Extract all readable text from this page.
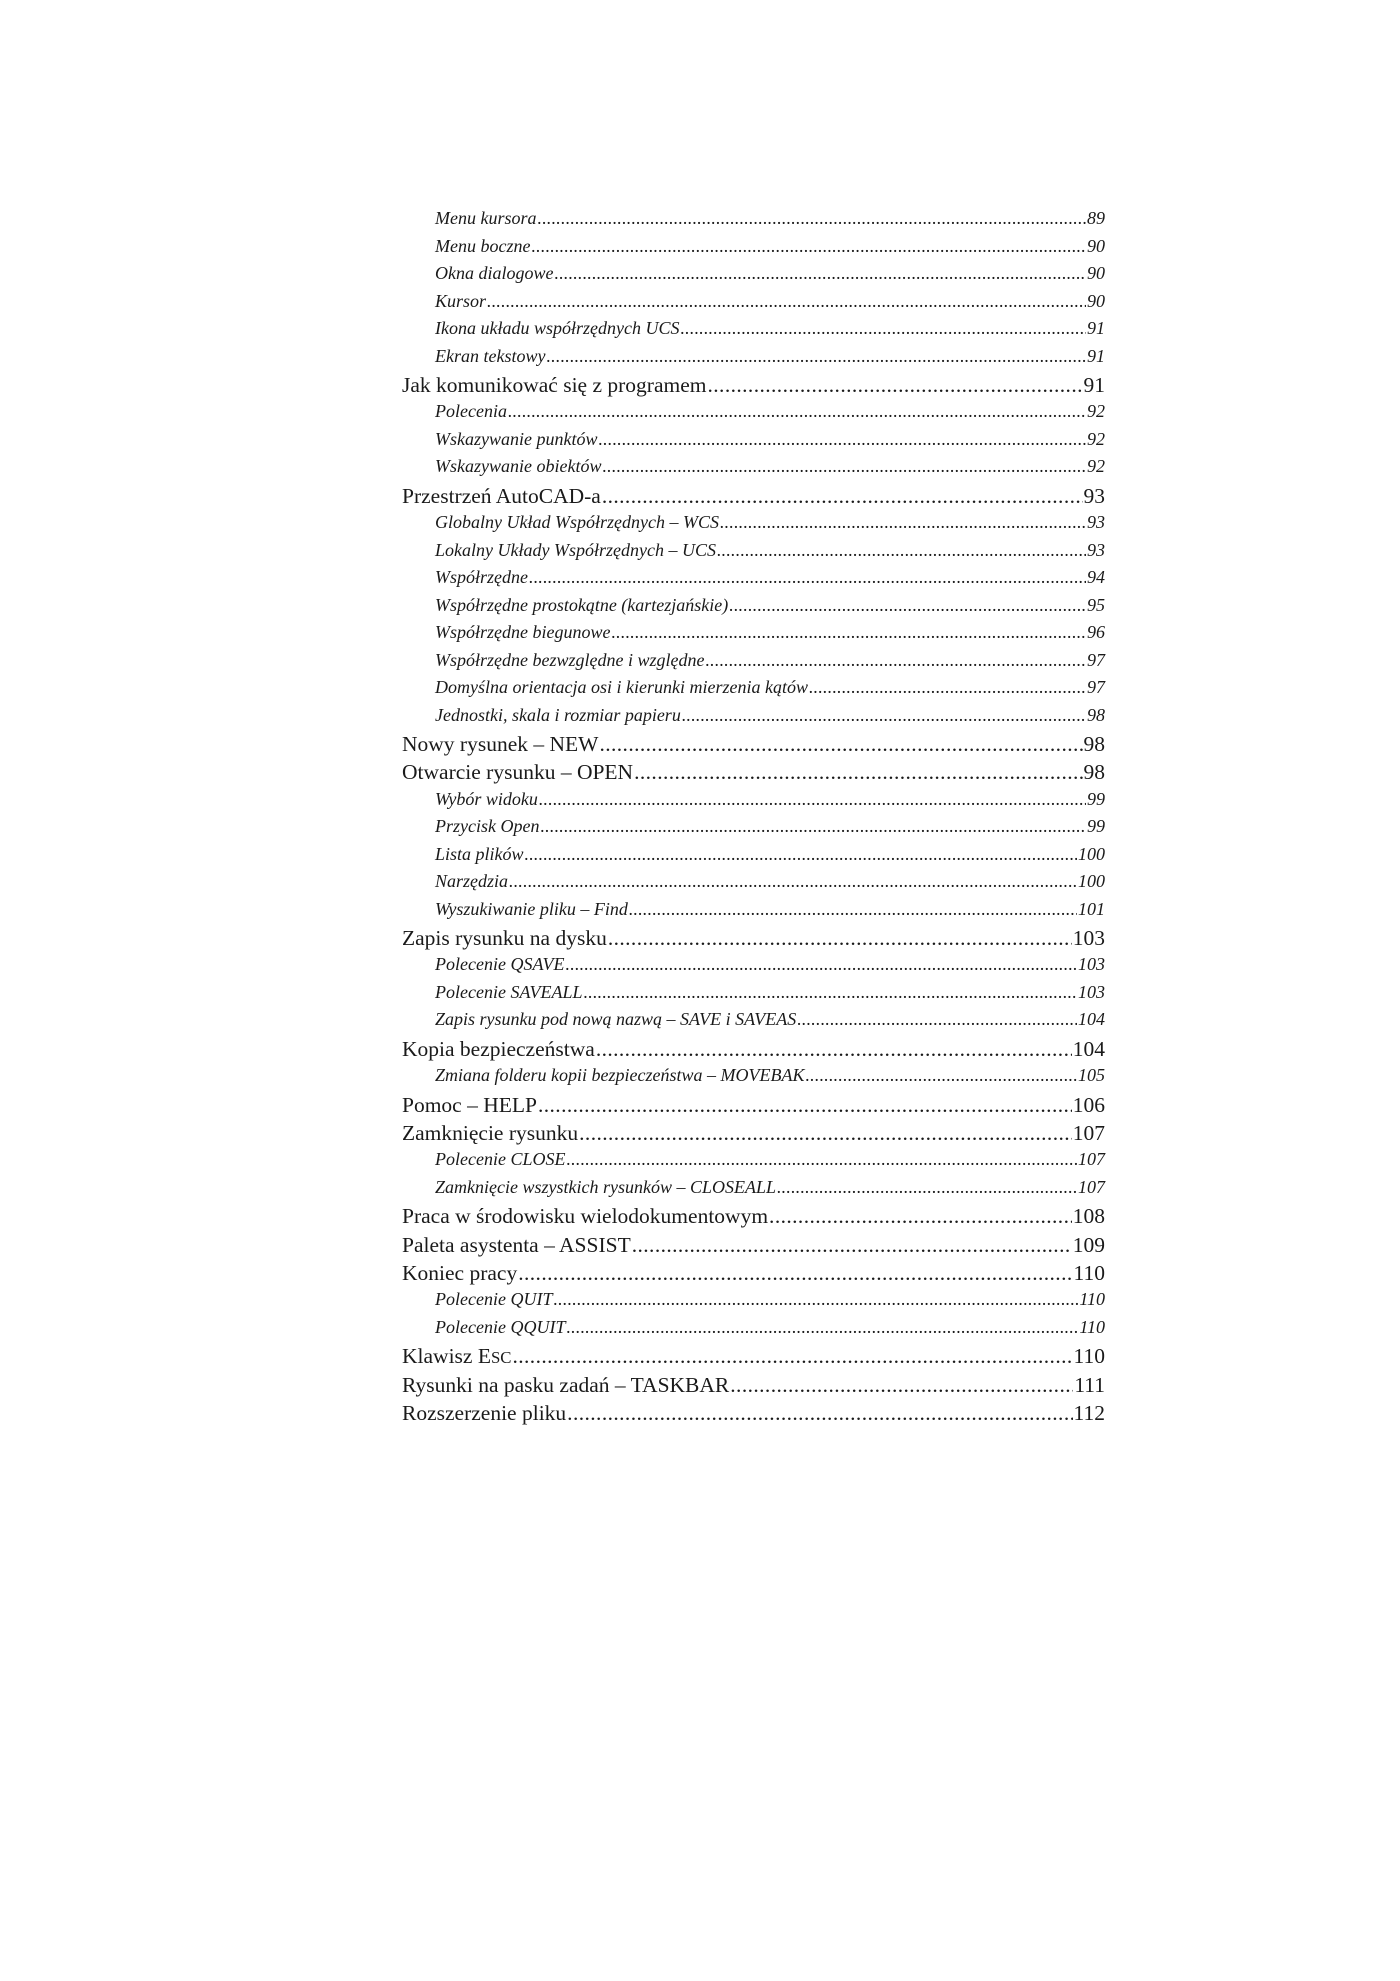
Menu kursora .....	89
Menu boczne .....	90
Okna dialogowe .....	90
Kursor .....	90
Ikona układu współrzędnych UCS .....	91
Ekran tekstowy .....	91
Jak komunikować się z programem .....	91
Polecenia .....	92
Wskazywanie punktów .....	92
Wskazywanie obiektów .....	92
Przestrzeń AutoCAD-a .....	93
Globalny Układ Współrzędnych – WCS .....	93
Lokalny Układy Współrzędnych – UCS .....	93
Współrzędne .....	94
Współrzędne prostokątne (kartezjańskie) .....	95
Współrzędne biegunowe .....	96
Współrzędne bezwzględne i względne .....	97
Domyślna orientacja osi i kierunki mierzenia kątów .....	97
Jednostki, skala i rozmiar papieru .....	98
Nowy rysunek – NEW .....	98
Otwarcie rysunku – OPEN .....	98
Wybór widoku .....	99
Przycisk Open .....	99
Lista plików .....	100
Narzędzia .....	100
Wyszukiwanie pliku – Find .....	101
Zapis rysunku na dysku .....	103
Polecenie QSAVE .....	103
Polecenie SAVEALL .....	103
Zapis rysunku pod nową nazwą – SAVE i SAVEAS .....	104
Kopia bezpieczeństwa .....	104
Zmiana folderu kopii bezpieczeństwa – MOVEBAK .....	105
Pomoc – HELP .....	106
Zamknięcie rysunku .....	107
Polecenie CLOSE .....	107
Zamknięcie wszystkich rysunków – CLOSEALL .....	107
Praca w środowisku wielodokumentowym .....	108
Paleta asystenta – ASSIST .....	109
Koniec pracy .....	110
Polecenie QUIT .....	110
Polecenie QQUIT .....	110
Klawisz ESC .....	110
Rysunki na pasku zadań – TASKBAR .....	111
Rozszerzenie pliku .....	112
